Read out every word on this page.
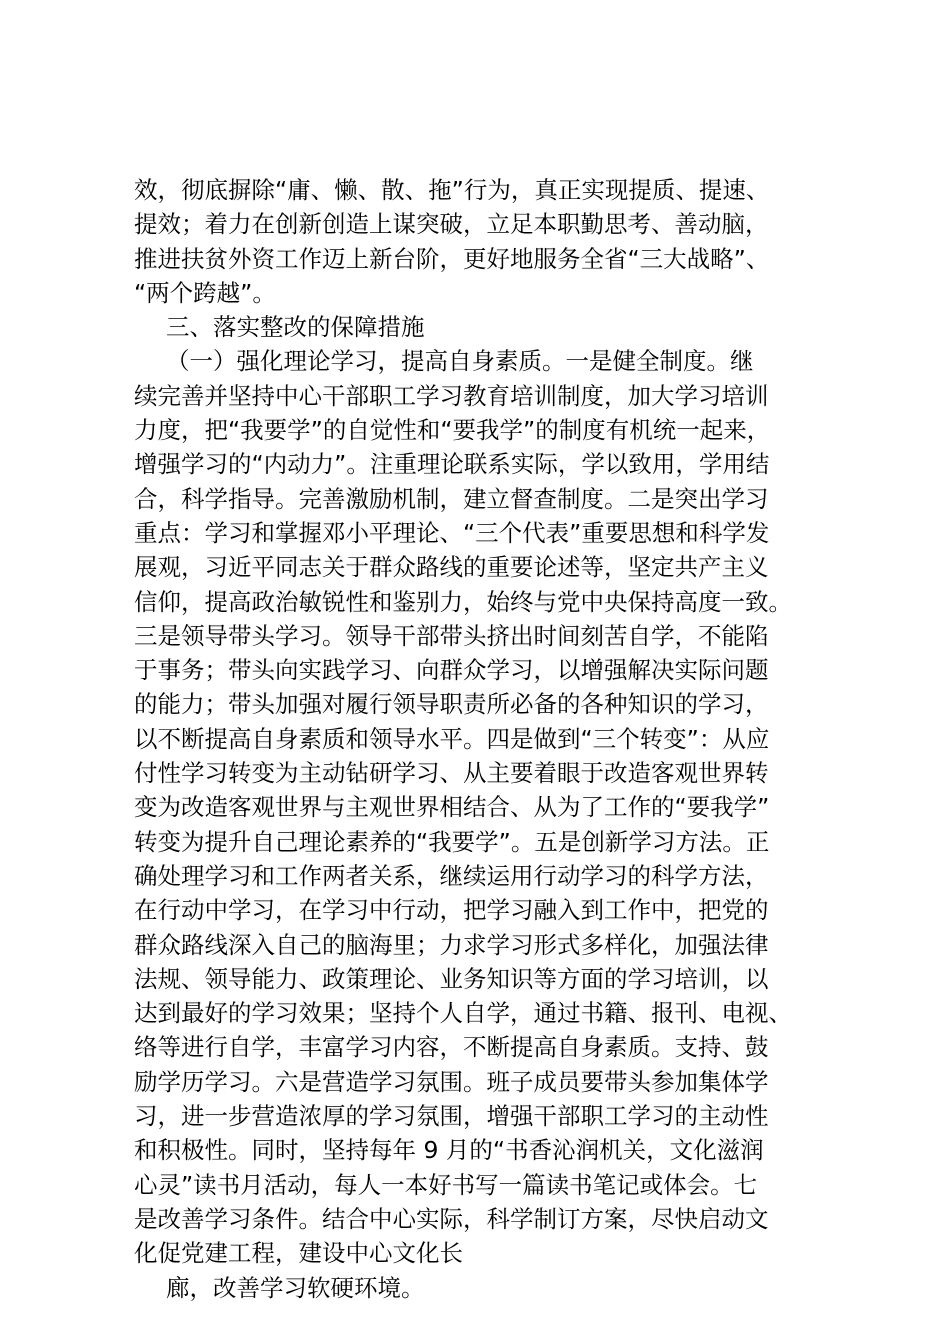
效，彻底摒除“庸、懒、散、拖”行为，真正实现提质、提速、
提效；着力在创新创造上谋突破，立足本职勤思考、善动脑，
推进扶贫外资工作迈上新台阶，更好地服务全省“三大战略”、
“两个跨越”。
三、落实整改的保障措施
（一）强化理论学习，提高自身素质。一是健全制度。继
续完善并坚持中心干部职工学习教育培训制度，加大学习培训
力度，把“我要学”的自觉性和“要我学”的制度有机统一起来，
增强学习的“内动力”。注重理论联系实际，学以致用，学用结
合，科学指导。完善激励机制，建立督查制度。二是突出学习
重点：学习和掌握邓小平理论、“三个代表”重要思想和科学发
展观，习近平同志关于群众路线的重要论述等，坚定共产主义
信仰，提高政治敏锐性和鉴别力，始终与党中央保持高度一致。
三是领导带头学习。领导干部带头挤出时间刻苦自学，不能陷
于事务；带头向实践学习、向群众学习，以增强解决实际问题
的能力；带头加强对履行领导职责所必备的各种知识的学习，
以不断提高自身素质和领导水平。四是做到“三个转变”：从应
付性学习转变为主动钻研学习、从主要着眼于改造客观世界转
变为改造客观世界与主观世界相结合、从为了工作的“要我学”
转变为提升自己理论素养的“我要学”。五是创新学习方法。正
确处理学习和工作两者关系，继续运用行动学习的科学方法，
在行动中学习，在学习中行动，把学习融入到工作中，把党的
群众路线深入自己的脑海里；力求学习形式多样化，加强法律
法规、领导能力、政策理论、业务知识等方面的学习培训，以
达到最好的学习效果；坚持个人自学，通过书籍、报刊、电视、
络等进行自学，丰富学习内容，不断提高自身素质。支持、鼓
励学历学习。六是营造学习氛围。班子成员要带头参加集体学
习，进一步营造浓厚的学习氛围，增强干部职工学习的主动性
和积极性。同时，坚持每年 9 月的“书香沁润机关，文化滋润
心灵”读书月活动，每人一本好书写一篇读书笔记或体会。七
是改善学习条件。结合中心实际，科学制订方案，尽快启动文
化促党建工程，建设中心文化长
廊，改善学习软硬环境。
